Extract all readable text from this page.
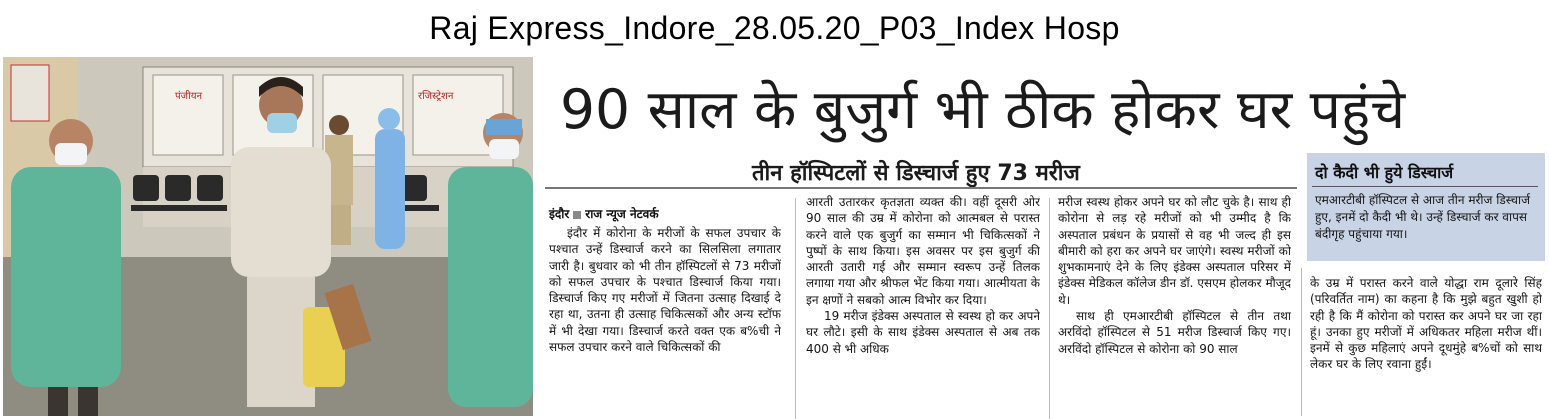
Raj Express_Indore_28.05.20_P03_Index Hosp
पंजीयन	रजिस्ट्रेशन 90 साल के बुजुर्ग भी ठीक होकर घर पहुंचे
तीन हॉस्पिटलों से डिस्चार्ज हुए 73 मरीज
इंदौर राज न्यूज नेटवर्क

इंदौर में कोरोना के मरीजों के सफल उपचार के पश्चात उन्हें डिस्चार्ज करने का सिलसिला लगातार जारी है। बुधवार को भी तीन हॉस्पिटलों से 73 मरीजों को सफल उपचार के पश्चात डिस्चार्ज किया गया। डिस्चार्ज किए गए मरीजों में जितना उत्साह दिखाई दे रहा था, उतना ही उत्साह चिकित्सकों और अन्य स्टॉफ में भी देखा गया। डिस्चार्ज करते वक्त एक ब%ची ने सफल उपचार करने वाले चिकित्सकों की

आरती उतारकर कृतज्ञता व्यक्त की। वहीं दूसरी ओर 90 साल की उम्र में कोरोना को आत्मबल से परास्त करने वाले एक बुजुर्ग का सम्मान भी चिकित्सकों ने पुष्पों के साथ किया। इस अवसर पर इस बुजुर्ग की आरती उतारी गई और सम्मान स्वरूप उन्हें तिलक लगाया गया और श्रीफल भेंट किया गया। आत्मीयता के इन क्षणों ने सबको आत्म विभोर कर दिया।

19 मरीज इंडेक्स अस्पताल से स्वस्थ हो कर अपने घर लौटे। इसी के साथ इंडेक्स अस्पताल से अब तक 400 से भी अधिक

मरीज स्वस्थ होकर अपने घर को लौट चुके है। साथ ही कोरोना से लड़ रहे मरीजों को भी उम्मीद है कि अस्पताल प्रबंधन के प्रयासों से वह भी जल्द ही इस बीमारी को हरा कर अपने घर जाएंगे। स्वस्थ मरीजों को शुभकामनाएं देने के लिए इंडेक्स अस्पताल परिसर में इंडेक्स मेडिकल कॉलेज डीन डॉ. एसएम होलकर मौजूद थे।

साथ ही एमआरटीबी हॉस्पिटल से तीन तथा अरविंदो हॉस्पिटल से 51 मरीज डिस्चार्ज किए गए। अरविंदो हॉस्पिटल से कोरोना को 90 साल

के उम्र में परास्त करने वाले योद्धा राम दूलारे सिंह (परिवर्तित नाम) का कहना है कि मुझे बहुत खुशी हो रही है कि मैं कोरोना को परास्त कर अपने घर जा रहा हूं। उनका हुए मरीजों में अधिकतर महिला मरीज थीं। इनमें से कुछ महिलाएं अपने दूधमुंहे ब%चों को साथ लेकर घर के लिए रवाना हुईं।

दो कैदी भी हुये डिस्चार्ज
एमआरटीबी हॉस्पिटल से आज तीन मरीज डिस्चार्ज हुए, इनमें दो कैदी भी थे। उन्हें डिस्चार्ज कर वापस बंदीगृह पहुंचाया गया।
